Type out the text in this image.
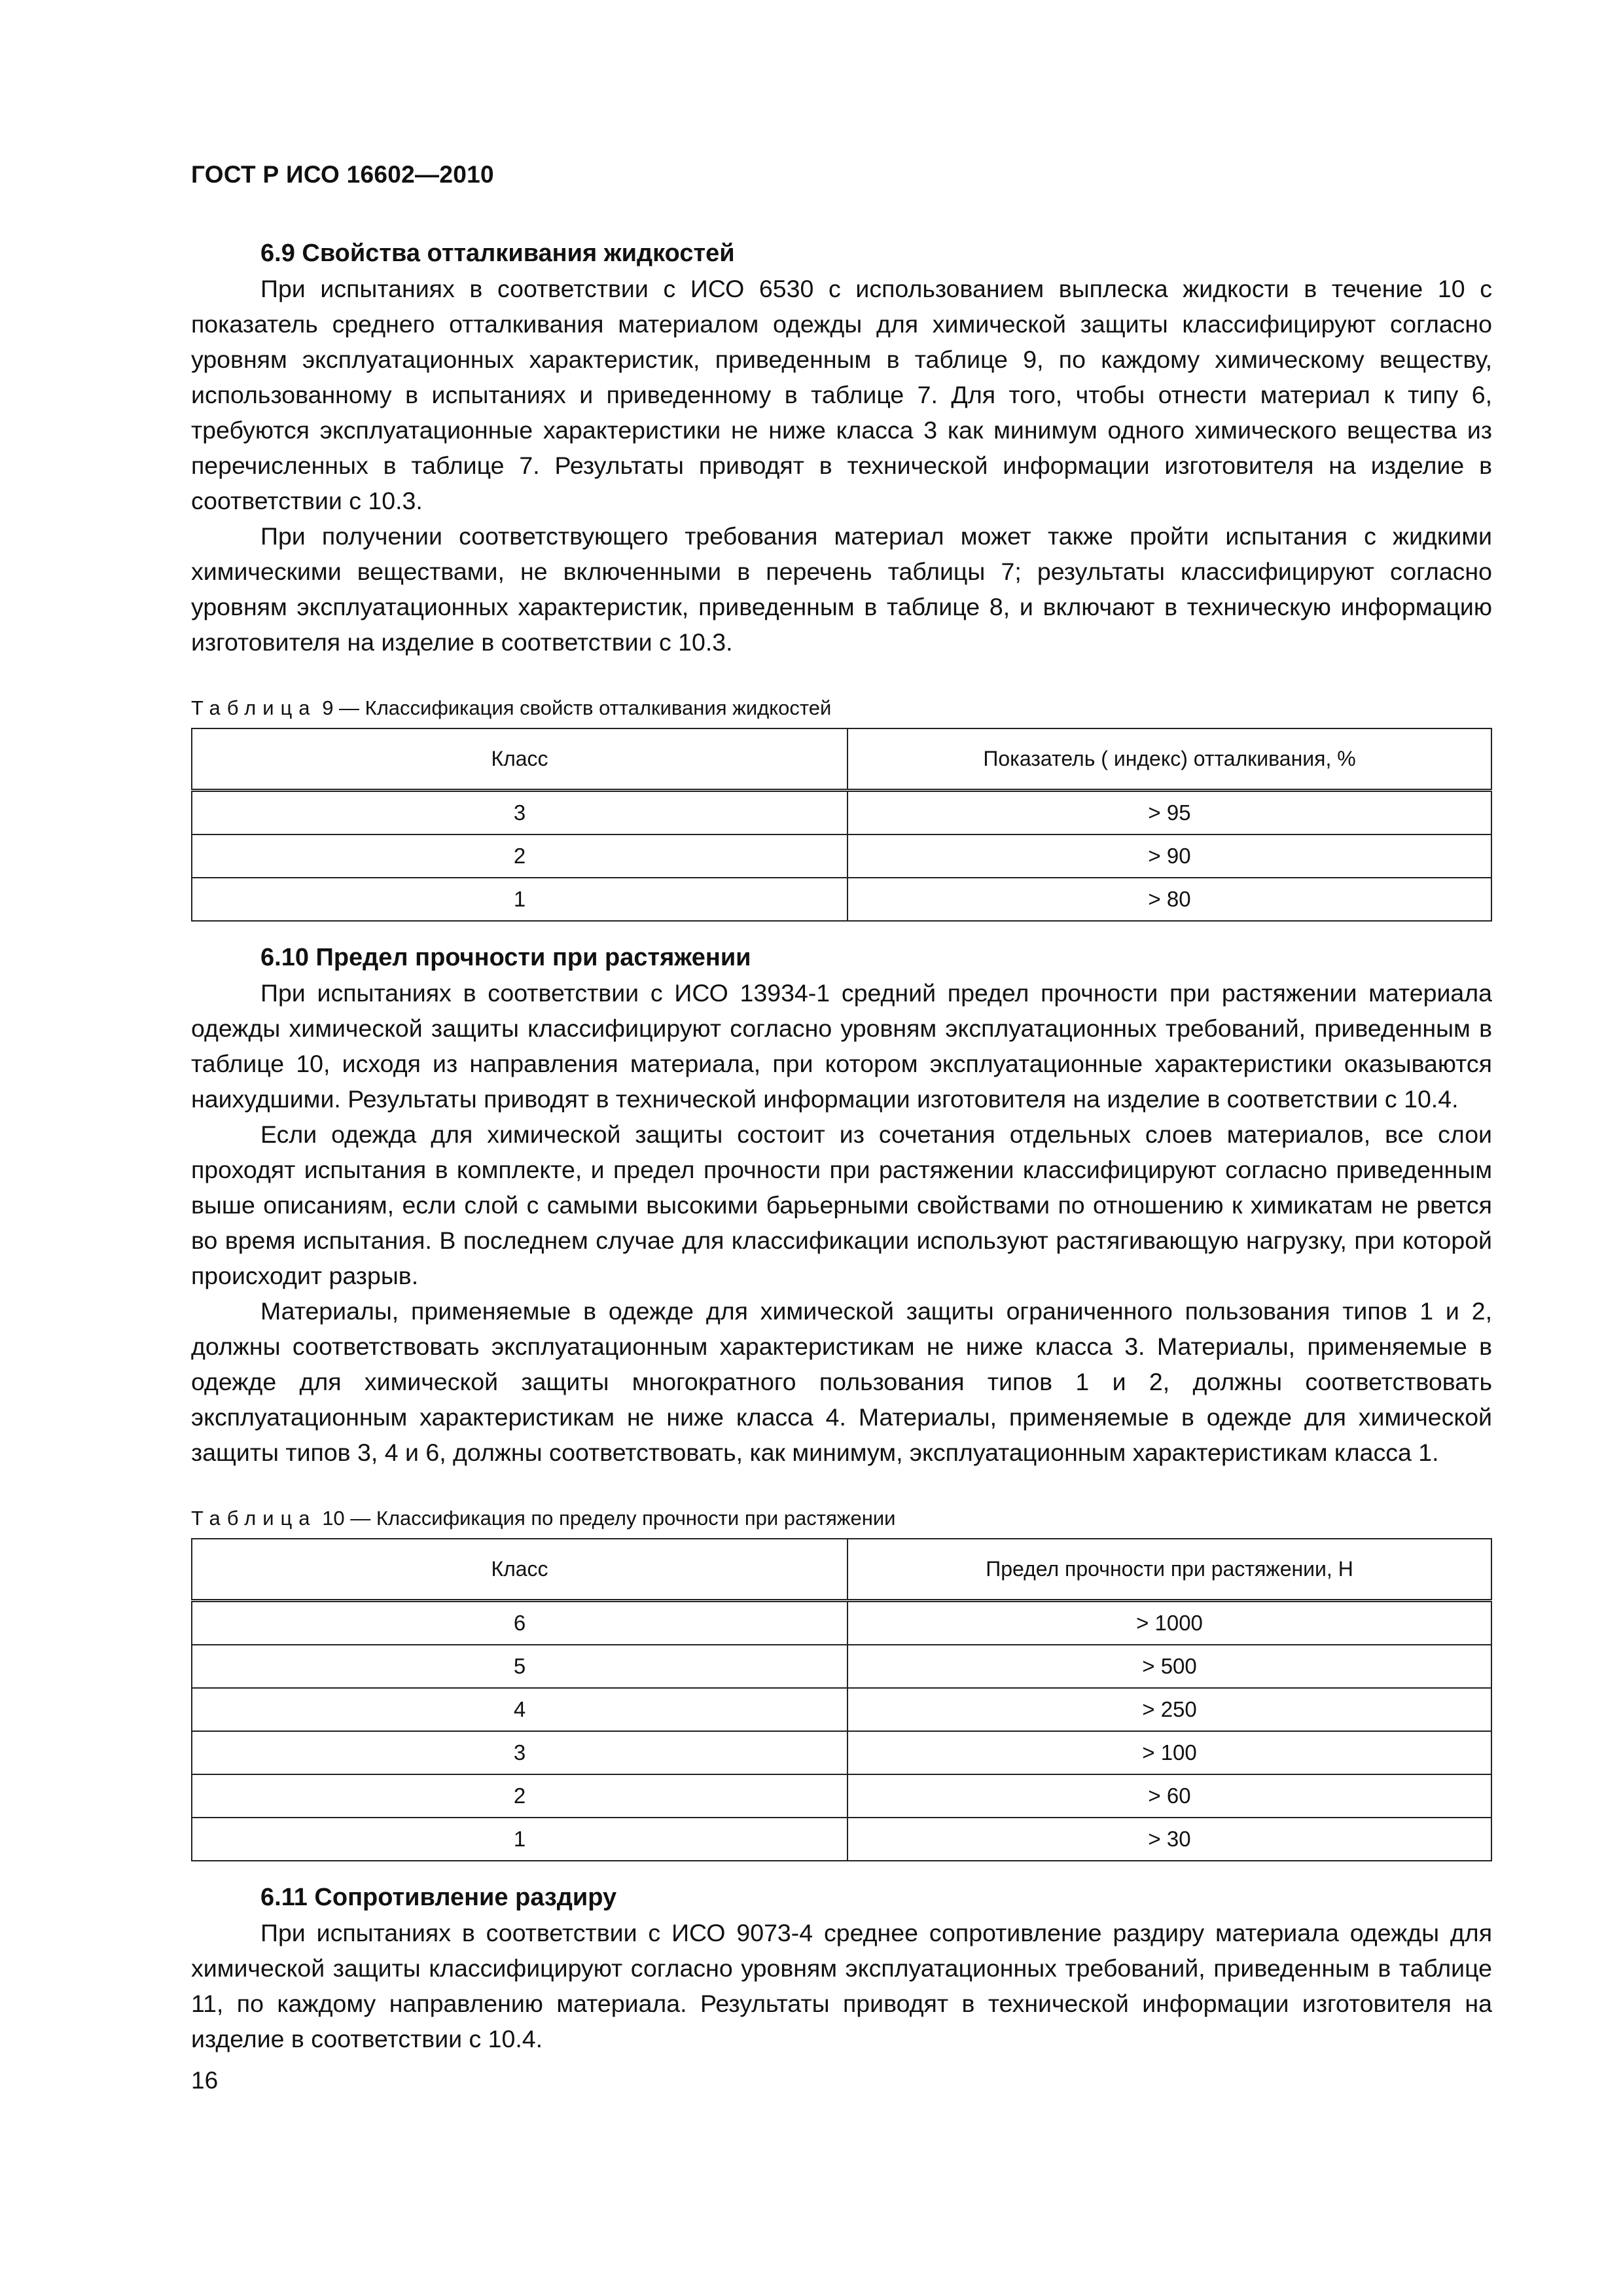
ГОСТ Р ИСО 16602—2010

6.9 Свойства отталкивания жидкостей

При испытаниях в соответствии с ИСО 6530 с использованием выплеска жидкости в течение 10 с показатель среднего отталкивания материалом одежды для химической защиты классифицируют согласно уровням эксплуатационных характеристик, приведенным в таблице 9, по каждому химическому веществу, использованному в испытаниях и приведенному в таблице 7. Для того, чтобы отнести материал к типу 6, требуются эксплуатационные характеристики не ниже класса 3 как минимум одного химического вещества из перечисленных в таблице 7. Результаты приводят в технической информации изготовителя на изделие в соответствии с 10.3.

При получении соответствующего требования материал может также пройти испытания с жидкими химическими веществами, не включенными в перечень таблицы 7; результаты классифицируют согласно уровням эксплуатационных характеристик, приведенным в таблице 8, и включают в техническую информацию изготовителя на изделие в соответствии с 10.3.

Таблица 9 — Классификация свойств отталкивания жидкостей
Класс	Показатель ( индекс) отталкивания, %
3	> 95
2	> 90
1	> 80

6.10 Предел прочности при растяжении

При испытаниях в соответствии с ИСО 13934-1 средний предел прочности при растяжении материала одежды химической защиты классифицируют согласно уровням эксплуатационных требований, приведенным в таблице 10, исходя из направления материала, при котором эксплуатационные характеристики оказываются наихудшими. Результаты приводят в технической информации изготовителя на изделие в соответствии с 10.4.

Если одежда для химической защиты состоит из сочетания отдельных слоев материалов, все слои проходят испытания в комплекте, и предел прочности при растяжении классифицируют согласно приведенным выше описаниям, если слой с самыми высокими барьерными свойствами по отношению к химикатам не рвется во время испытания. В последнем случае для классификации используют растягивающую нагрузку, при которой происходит разрыв.

Материалы, применяемые в одежде для химической защиты ограниченного пользования типов 1 и 2, должны соответствовать эксплуатационным характеристикам не ниже класса 3. Материалы, применяемые в одежде для химической защиты многократного пользования типов 1 и 2, должны соответствовать эксплуатационным характеристикам не ниже класса 4. Материалы, применяемые в одежде для химической защиты типов 3, 4 и 6, должны соответствовать, как минимум, эксплуатационным характеристикам класса 1.

Таблица 10 — Классификация по пределу прочности при растяжении
Класс	Предел прочности при растяжении, Н
6	> 1000
5	> 500
4	> 250
3	> 100
2	> 60
1	> 30

6.11 Сопротивление раздиру

При испытаниях в соответствии с ИСО 9073-4 среднее сопротивление раздиру материала одежды для химической защиты классифицируют согласно уровням эксплуатационных требований, приведенным в таблице 11, по каждому направлению материала. Результаты приводят в технической информации изготовителя на изделие в соответствии с 10.4.

16
